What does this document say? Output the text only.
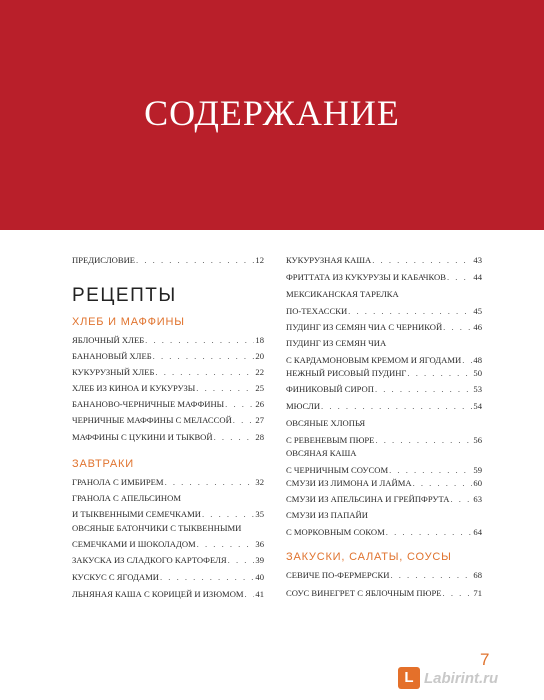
СОДЕРЖАНИЕ
ПРЕДИСЛОВИЕ . . .	12
РЕЦЕПТЫ
ХЛЕБ И МАФФИНЫ
ЯБЛОЧНЫЙ ХЛЕБ . . .	18
БАНАНОВЫЙ ХЛЕБ . . .	20
КУКУРУЗНЫЙ ХЛЕБ . . .	22
ХЛЕБ ИЗ КИНОА И КУКУРУЗЫ . . .	25
БАНАНОВО-ЧЕРНИЧНЫЕ МАФФИНЫ . . .	26
ЧЕРНИЧНЫЕ МАФФИНЫ С МЕЛАССОЙ . . .	27
МАФФИНЫ С ЦУКИНИ И ТЫКВОЙ . . .	28
ЗАВТРАКИ
ГРАНОЛА С ИМБИРЕМ . . .	32
ГРАНОЛА С АПЕЛЬСИНОМ
И ТЫКВЕННЫМИ СЕМЕЧКАМИ . . .	35
ОВСЯНЫЕ БАТОНЧИКИ С ТЫКВЕННЫМИ
СЕМЕЧКАМИ И ШОКОЛАДОМ . . .	36
ЗАКУСКА ИЗ СЛАДКОГО КАРТОФЕЛЯ . . .	39
КУСКУС С ЯГОДАМИ . . .	40
ЛЬНЯНАЯ КАША С КОРИЦЕЙ И ИЗЮМОМ . . . 41
КУКУРУЗНАЯ КАША . . .	43
ФРИТТАТА ИЗ КУКУРУЗЫ И КАБАЧКОВ . . .	44
МЕКСИКАНСКАЯ ТАРЕЛКА
ПО-ТЕХАССКИ . . .	45
ПУДИНГ ИЗ СЕМЯН ЧИА С ЧЕРНИКОЙ . . .	46
ПУДИНГ ИЗ СЕМЯН ЧИА
С КАРДАМОНОВЫМ КРЕМОМ И ЯГОДАМИ . . . 48
НЕЖНЫЙ РИСОВЫЙ ПУДИНГ . . .	50
ФИНИКОВЫЙ СИРОП . . .	53
МЮСЛИ . . .	54
ОВСЯНЫЕ ХЛОПЬЯ
С РЕВЕНЕВЫМ ПЮРЕ . . .	56
ОВСЯНАЯ КАША
С ЧЕРНИЧНЫМ СОУСОМ . . .	59
СМУЗИ ИЗ ЛИМОНА И ЛАЙМА . . .	60
СМУЗИ ИЗ АПЕЛЬСИНА И ГРЕЙПФРУТА . . .	63
СМУЗИ ИЗ ПАПАЙИ
С МОРКОВНЫМ СОКОМ . . .	64
ЗАКУСКИ, САЛАТЫ, СОУСЫ
СЕВИЧЕ ПО-ФЕРМЕРСКИ . . .	68
СОУС ВИНЕГРЕТ С ЯБЛОЧНЫМ ПЮРЕ . . .	71
7
L Labirint.ru
